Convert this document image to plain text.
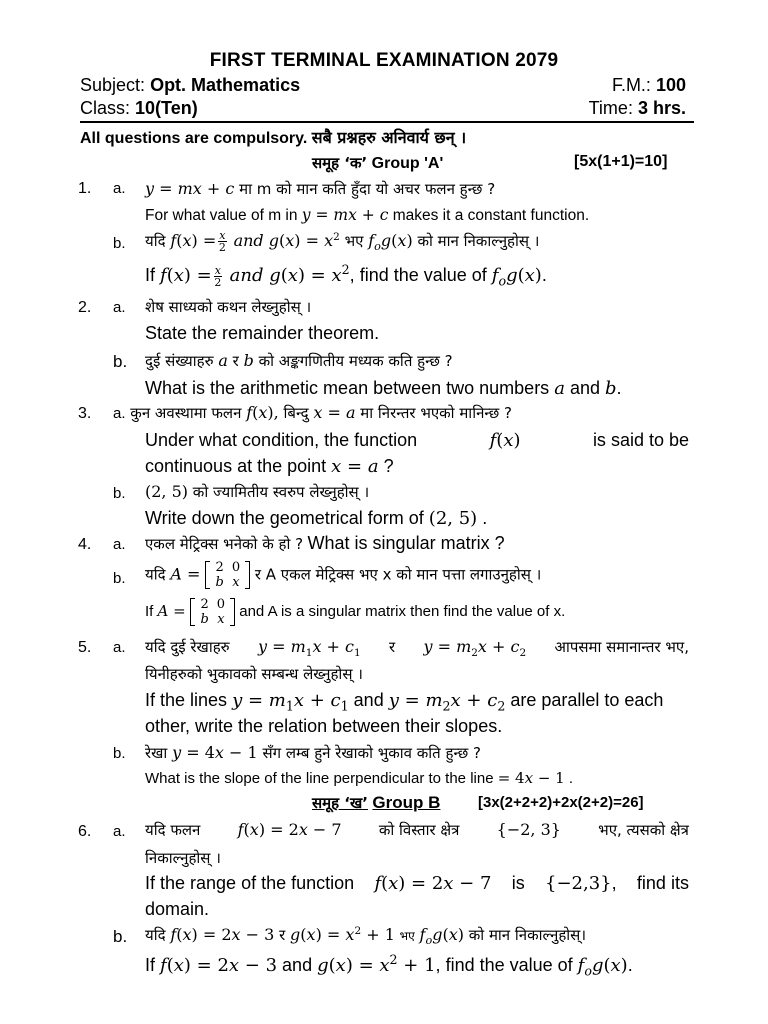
FIRST TERMINAL EXAMINATION 2079
Subject: Opt. Mathematics	F.M.: 100
Class: 10(Ten)	Time: 3 hrs.
All questions are compulsory. सबै प्रश्नहरु अनिवार्य छन् ।
समूह ‘क’ Group 'A'	[5x(1+1)=10]
1. a. y = mx + c मा m को मान कति हुँदा यो अचर फलन हुन्छ ?
For what value of m in y = mx + c makes it a constant function.
b. यदि $f(x) = \frac{x}{2}$ and $g(x) = x^2$ भए $f_og(x)$ को मान निकाल्नुहोस् ।
If $f(x) = \frac{x}{2}$ and $g(x) = x^2$, find the value of $f_og(x)$.
2. a. शेष साध्यको कथन लेख्नुहोस् ।
State the remainder theorem.
b. दुई संख्याहरु a र b को अङ्कगणितीय मध्यक कति हुन्छ ?
What is the arithmetic mean between two numbers a and b.
3. a. कुन अवस्थामा फलन f(x), बिन्दु x = a मा निरन्तर भएको मानिन्छ ?
Under what condition, the function	f(x)	is said to be
continuous at the point x = a ?
b. (2, 5) को ज्यामितीय स्वरुप लेख्नुहोस् ।
Write down the geometrical form of (2, 5) .
4. a. एकल मेट्रिक्स भनेको के हो ? What is singular matrix ?
b. यदि A = 2	0
b	x र A एकल मेट्रिक्स भए x को मान पत्ता लगाउनुहोस् ।
If A = 2	0
b	x and A is a singular matrix then find the value of x.
5. a. यदि दुई रेखाहरु $y = m_1x + c_1$ र $y = m_2x + c_2$ आपसमा समानान्तर भए,
यिनीहरुको भुकावको सम्बन्ध लेख्नुहोस् ।
If the lines $y = m_1x + c_1$ and $y = m_2x + c_2$ are parallel to each
other, write the relation between their slopes.
b. रेखा y = 4x − 1 सँग लम्ब हुने रेखाको भुकाव कति हुन्छ ?
What is the slope of the line perpendicular to the line = 4x − 1 .
समूह ‘ख’ Group B	[3x(2+2+2)+2x(2+2)=26]
6. a. यदि फलन f(x) = 2x − 7 को विस्तार क्षेत्र {−2, 3} भए, त्यसको क्षेत्र
निकाल्नुहोस् ।
If the range of the function f(x) = 2x − 7 is {−2,3}, find its
domain.
b. यदि f(x) = 2x − 3 र $g(x) = x^2 + 1$ भए $f_og(x)$ को मान निकाल्नुहोस्।
If f(x) = 2x − 3 and $g(x) = x^2 + 1$, find the value of $f_og(x)$.
